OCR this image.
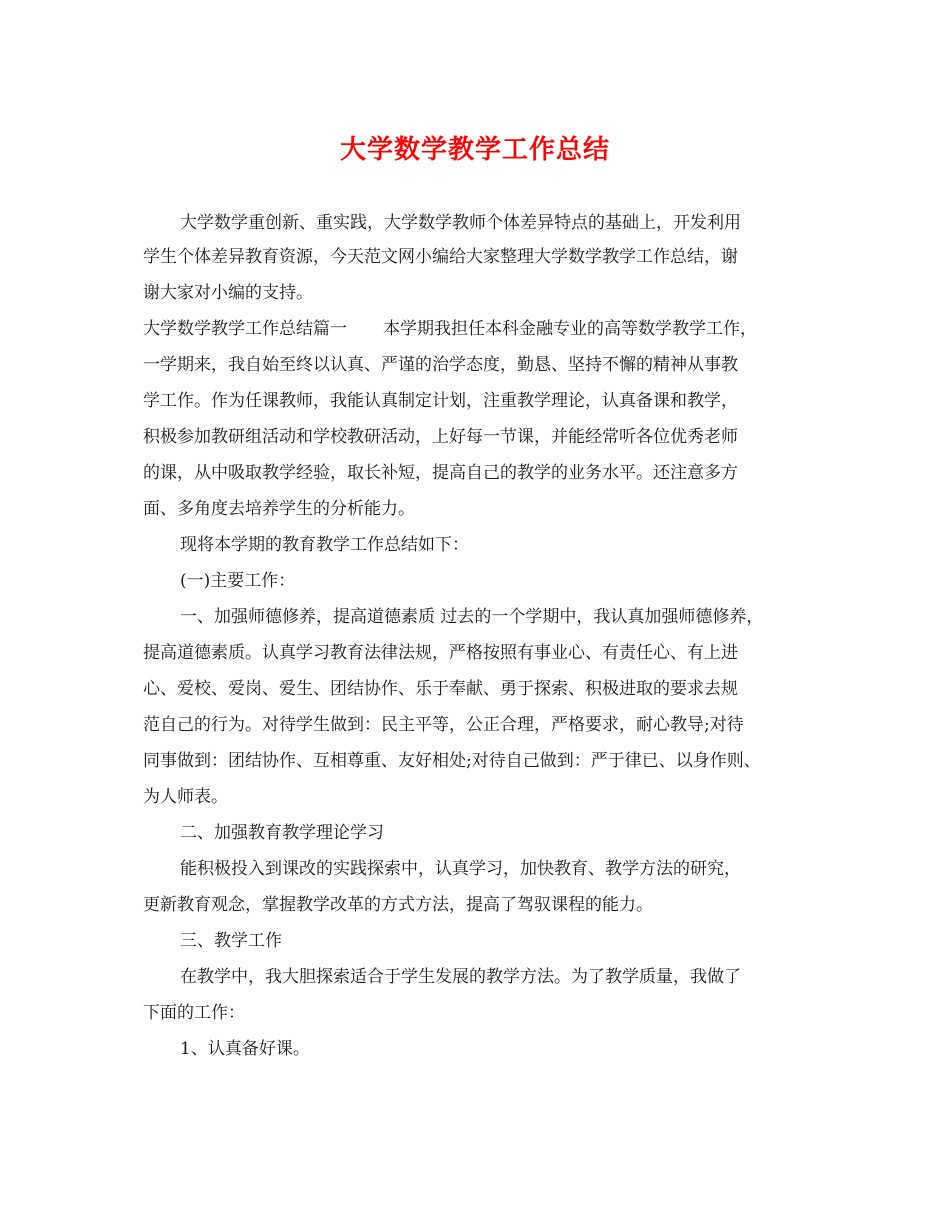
大学数学教学工作总结
大学数学重创新、重实践，大学数学教师个体差异特点的基础上，开发利用
学生个体差异教育资源，今天范文网小编给大家整理大学数学教学工作总结，谢
谢大家对小编的支持。
大学数学教学工作总结篇一 本学期我担任本科金融专业的高等数学教学工作，
一学期来，我自始至终以认真、严谨的治学态度，勤恳、坚持不懈的精神从事教
学工作。作为任课教师，我能认真制定计划，注重教学理论，认真备课和教学，
积极参加教研组活动和学校教研活动，上好每一节课，并能经常听各位优秀老师
的课，从中吸取教学经验，取长补短，提高自己的教学的业务水平。还注意多方
面、多角度去培养学生的分析能力。
现将本学期的教育教学工作总结如下：
(一)主要工作：
一、加强师德修养，提高道德素质 过去的一个学期中，我认真加强师德修养，
提高道德素质。认真学习教育法律法规，严格按照有事业心、有责任心、有上进
心、爱校、爱岗、爱生、团结协作、乐于奉献、勇于探索、积极进取的要求去规
范自己的行为。对待学生做到：民主平等，公正合理，严格要求，耐心教导;对待
同事做到：团结协作、互相尊重、友好相处;对待自己做到：严于律已、以身作则、
为人师表。
二、加强教育教学理论学习
能积极投入到课改的实践探索中，认真学习，加快教育、教学方法的研究，
更新教育观念，掌握教学改革的方式方法，提高了驾驭课程的能力。
三、教学工作
在教学中，我大胆探索适合于学生发展的教学方法。为了教学质量，我做了
下面的工作：
1、认真备好课。
